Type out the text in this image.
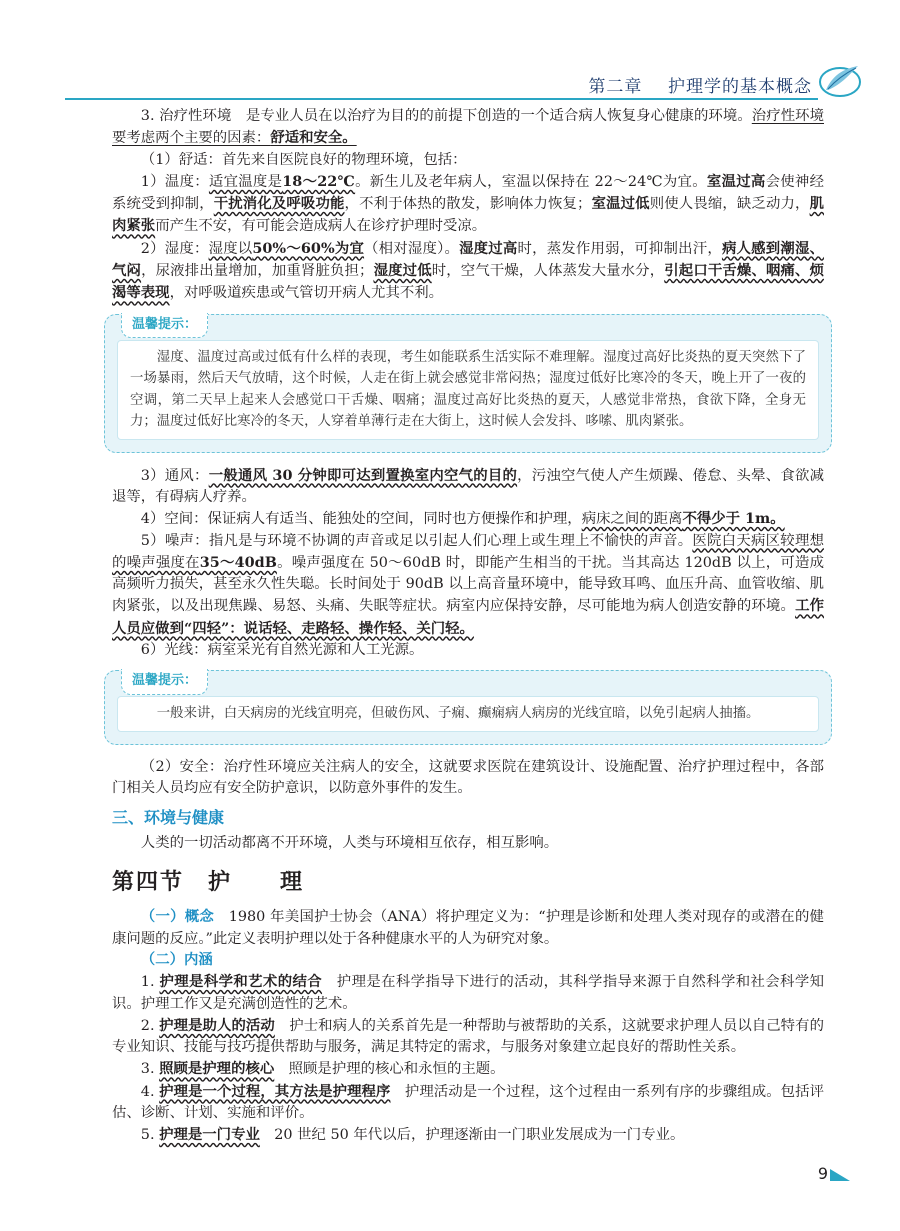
第二章 护理学的基本概念

3. 治疗性环境　是专业人员在以治疗为目的的前提下创造的一个适合病人恢复身心健康的环境。治疗性环境要考虑两个主要的因素：舒适和安全。

（1）舒适：首先来自医院良好的物理环境，包括：

1）温度：适宜温度是18～22℃。新生儿及老年病人，室温以保持在 22～24℃为宜。室温过高会使神经系统受到抑制，干扰消化及呼吸功能，不利于体热的散发，影响体力恢复；室温过低则使人畏缩，缺乏动力，肌肉紧张而产生不安，有可能会造成病人在诊疗护理时受凉。

2）湿度：湿度以50%～60%为宜（相对湿度）。湿度过高时，蒸发作用弱，可抑制出汗，病人感到潮湿、气闷，尿液排出量增加，加重肾脏负担；湿度过低时，空气干燥，人体蒸发大量水分，引起口干舌燥、咽痛、烦渴等表现，对呼吸道疾患或气管切开病人尤其不利。

温馨提示：

湿度、温度过高或过低有什么样的表现，考生如能联系生活实际不难理解。湿度过高好比炎热的夏天突然下了一场暴雨，然后天气放晴，这个时候，人走在街上就会感觉非常闷热；湿度过低好比寒冷的冬天，晚上开了一夜的空调，第二天早上起来人会感觉口干舌燥、咽痛；温度过高好比炎热的夏天，人感觉非常热，食欲下降，全身无力；温度过低好比寒冷的冬天，人穿着单薄行走在大街上，这时候人会发抖、哆嗦、肌肉紧张。

3）通风：一般通风 30 分钟即可达到置换室内空气的目的，污浊空气使人产生烦躁、倦怠、头晕、食欲减退等，有碍病人疗养。

4）空间：保证病人有适当、能独处的空间，同时也方便操作和护理，病床之间的距离不得少于 1m。

5）噪声：指凡是与环境不协调的声音或足以引起人们心理上或生理上不愉快的声音。医院白天病区较理想的噪声强度在35～40dB。噪声强度在 50～60dB 时，即能产生相当的干扰。当其高达 120dB 以上，可造成高频听力损失，甚至永久性失聪。长时间处于 90dB 以上高音量环境中，能导致耳鸣、血压升高、血管收缩、肌肉紧张，以及出现焦躁、易怒、头痛、失眠等症状。病室内应保持安静，尽可能地为病人创造安静的环境。工作人员应做到“四轻”：说话轻、走路轻、操作轻、关门轻。

6）光线：病室采光有自然光源和人工光源。

温馨提示：

一般来讲，白天病房的光线宜明亮，但破伤风、子痫、癫痫病人病房的光线宜暗，以免引起病人抽搐。

（2）安全：治疗性环境应关注病人的安全，这就要求医院在建筑设计、设施配置、治疗护理过程中，各部门相关人员均应有安全防护意识，以防意外事件的发生。

三、环境与健康

人类的一切活动都离不开环境，人类与环境相互依存，相互影响。

第四节　护　　理

（一）概念　1980 年美国护士协会（ANA）将护理定义为：“护理是诊断和处理人类对现存的或潜在的健康问题的反应。”此定义表明护理以处于各种健康水平的人为研究对象。

（二）内涵

1. 护理是科学和艺术的结合　护理是在科学指导下进行的活动，其科学指导来源于自然科学和社会科学知识。护理工作又是充满创造性的艺术。

2. 护理是助人的活动　护士和病人的关系首先是一种帮助与被帮助的关系，这就要求护理人员以自己特有的专业知识、技能与技巧提供帮助与服务，满足其特定的需求，与服务对象建立起良好的帮助性关系。

3. 照顾是护理的核心　照顾是护理的核心和永恒的主题。

4. 护理是一个过程，其方法是护理程序　护理活动是一个过程，这个过程由一系列有序的步骤组成。包括评估、诊断、计划、实施和评价。

5. 护理是一门专业　20 世纪 50 年代以后，护理逐渐由一门职业发展成为一门专业。

9
